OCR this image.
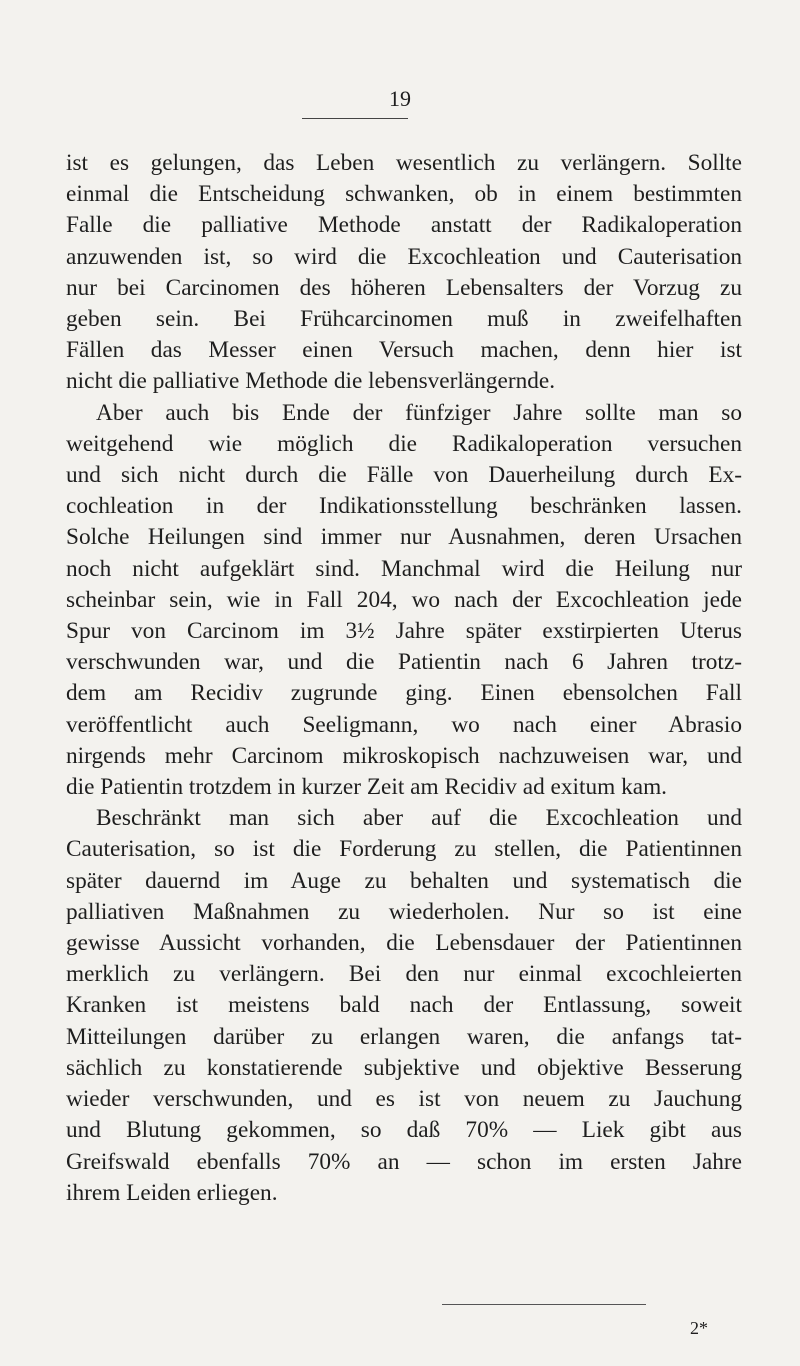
19
ist es gelungen, das Leben wesentlich zu verlängern. Sollte
einmal die Entscheidung schwanken, ob in einem bestimmten
Falle die palliative Methode anstatt der Radikaloperation
anzuwenden ist, so wird die Excochleation und Cauterisation
nur bei Carcinomen des höheren Lebensalters der Vorzug zu
geben sein. Bei Frühcarcinomen muß in zweifelhaften
Fällen das Messer einen Versuch machen, denn hier ist
nicht die palliative Methode die lebensverlängernde.
Aber auch bis Ende der fünfziger Jahre sollte man so
weitgehend wie möglich die Radikaloperation versuchen
und sich nicht durch die Fälle von Dauerheilung durch Ex-
cochleation in der Indikationsstellung beschränken lassen.
Solche Heilungen sind immer nur Ausnahmen, deren Ursachen
noch nicht aufgeklärt sind. Manchmal wird die Heilung nur
scheinbar sein, wie in Fall 204, wo nach der Excochleation jede
Spur von Carcinom im 3½ Jahre später exstirpierten Uterus
verschwunden war, und die Patientin nach 6 Jahren trotz-
dem am Recidiv zugrunde ging. Einen ebensolchen Fall
veröffentlicht auch Seeligmann, wo nach einer Abrasio
nirgends mehr Carcinom mikroskopisch nachzuweisen war, und
die Patientin trotzdem in kurzer Zeit am Recidiv ad exitum kam.
Beschränkt man sich aber auf die Excochleation und
Cauterisation, so ist die Forderung zu stellen, die Patientinnen
später dauernd im Auge zu behalten und systematisch die
palliativen Maßnahmen zu wiederholen. Nur so ist eine
gewisse Aussicht vorhanden, die Lebensdauer der Patientinnen
merklich zu verlängern. Bei den nur einmal excochleierten
Kranken ist meistens bald nach der Entlassung, soweit
Mitteilungen darüber zu erlangen waren, die anfangs tat-
sächlich zu konstatierende subjektive und objektive Besserung
wieder verschwunden, und es ist von neuem zu Jauchung
und Blutung gekommen, so daß 70% — Liek gibt aus
Greifswald ebenfalls 70% an — schon im ersten Jahre
ihrem Leiden erliegen.
2*
